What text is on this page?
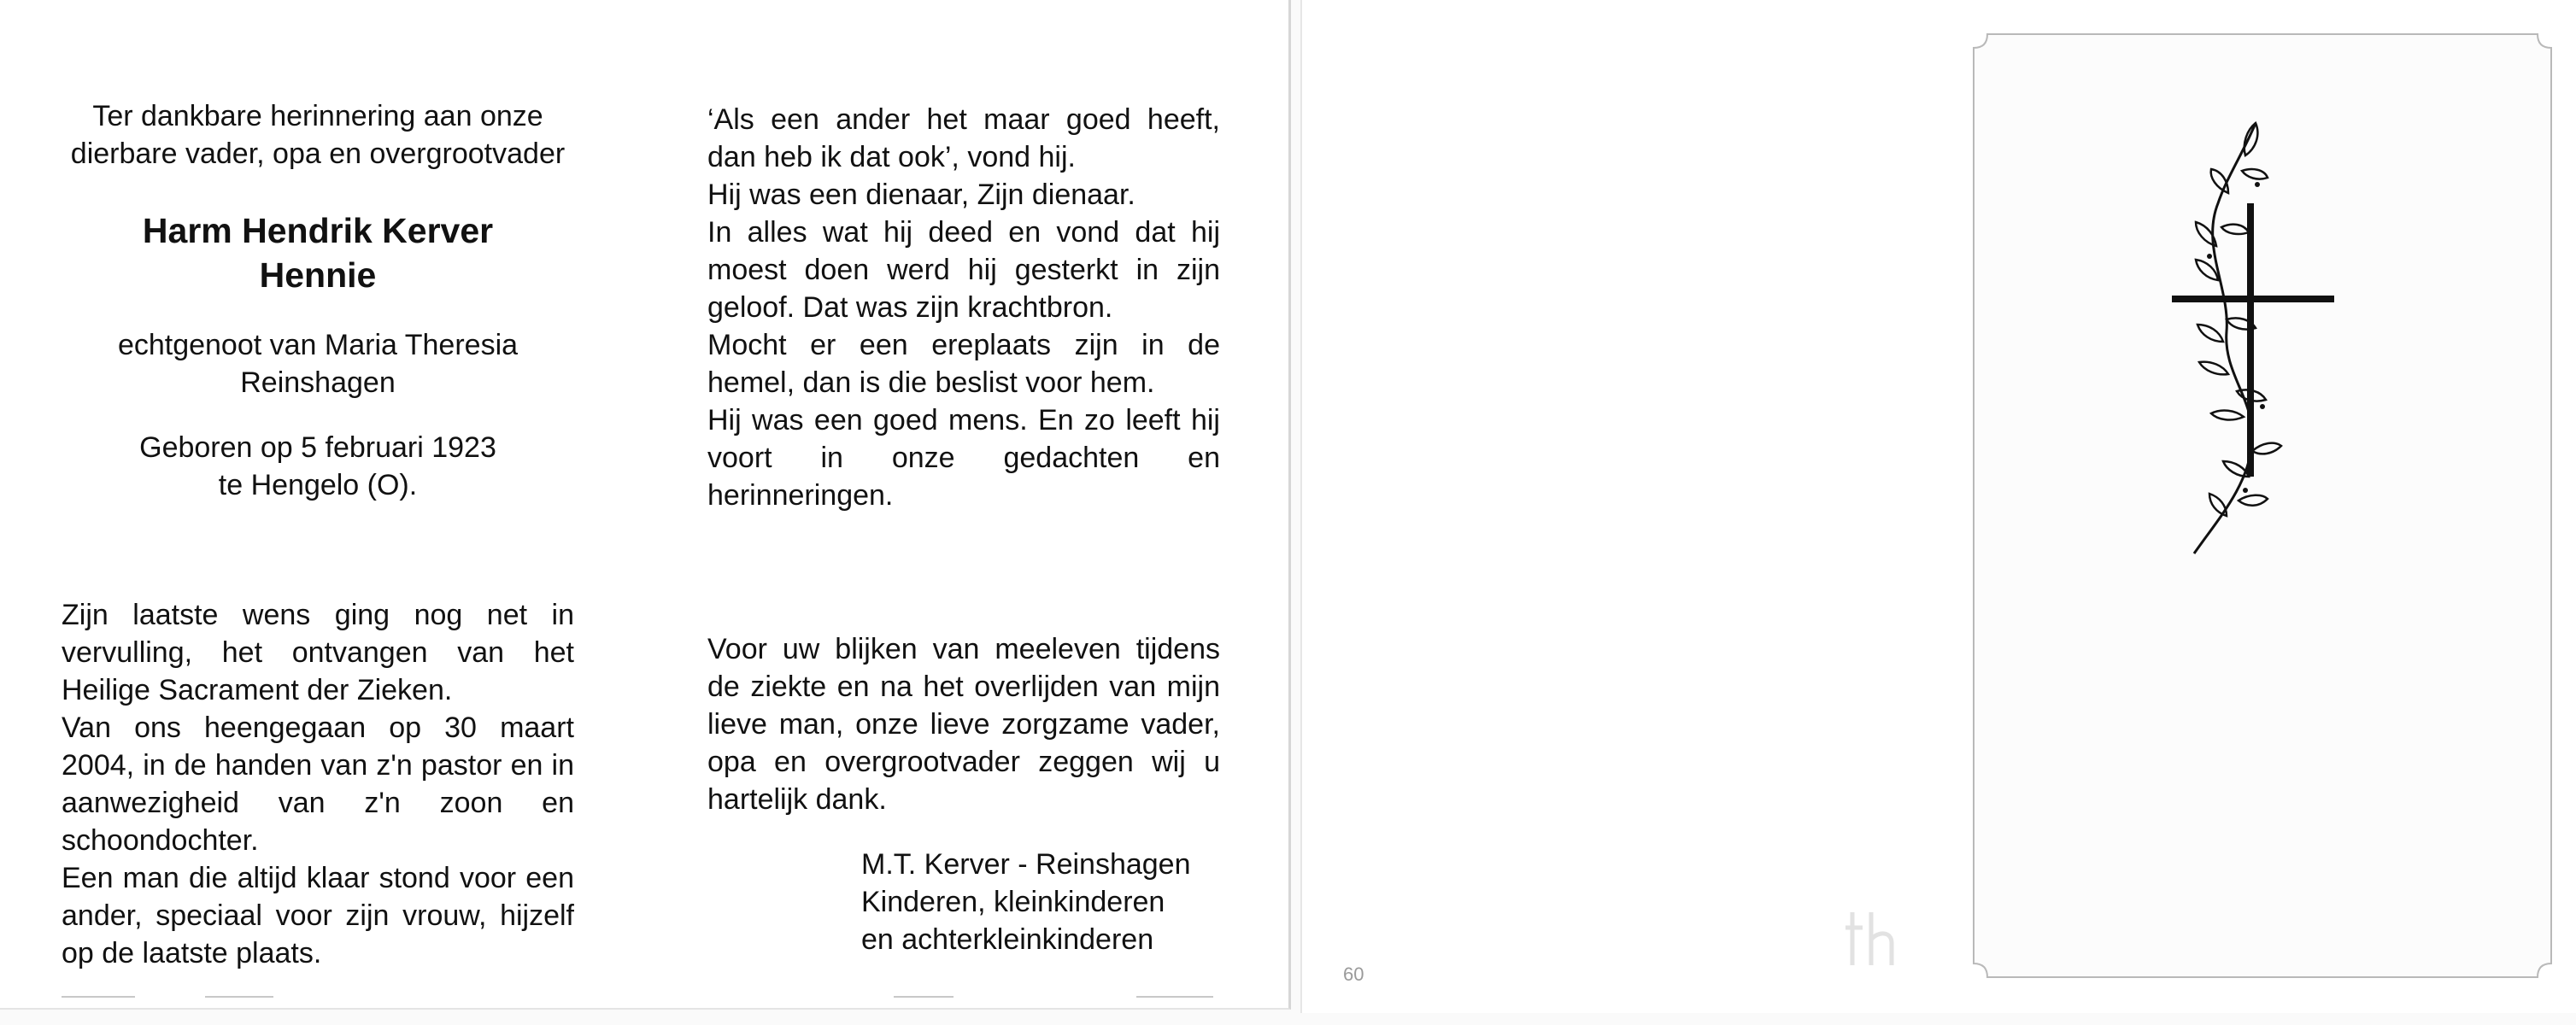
Ter dankbare herinnering aan onze
dierbare vader, opa en overgrootvader

Harm Hendrik Kerver
Hennie

echtgenoot van Maria Theresia
Reinshagen

Geboren op 5 februari 1923
te Hengelo (O).

Zijn laatste wens ging nog net in vervulling, het ontvangen van het Heilige Sacrament der Zieken.

Van ons heengegaan op 30 maart 2004, in de handen van z'n pastor en in aanwezigheid van z'n zoon en schoondochter.

Een man die altijd klaar stond voor een ander, speciaal voor zijn vrouw, hijzelf op de laatste plaats.

‘Als een ander het maar goed heeft, dan heb ik dat ook’, vond hij.

Hij was een dienaar, Zijn dienaar.

In alles wat hij deed en vond dat hij moest doen werd hij gesterkt in zijn geloof. Dat was zijn krachtbron.

Mocht er een ereplaats zijn in de hemel, dan is die beslist voor hem.

Hij was een goed mens. En zo leeft hij voort in onze gedachten en herinneringen.

Voor uw blijken van meeleven tijdens de ziekte en na het overlijden van mijn lieve man, onze lieve zorgzame vader, opa en overgrootvader zeggen wij u hartelijk dank.

M.T. Kerver - Reinshagen
Kinderen, kleinkinderen
en achterkleinkinderen

60
